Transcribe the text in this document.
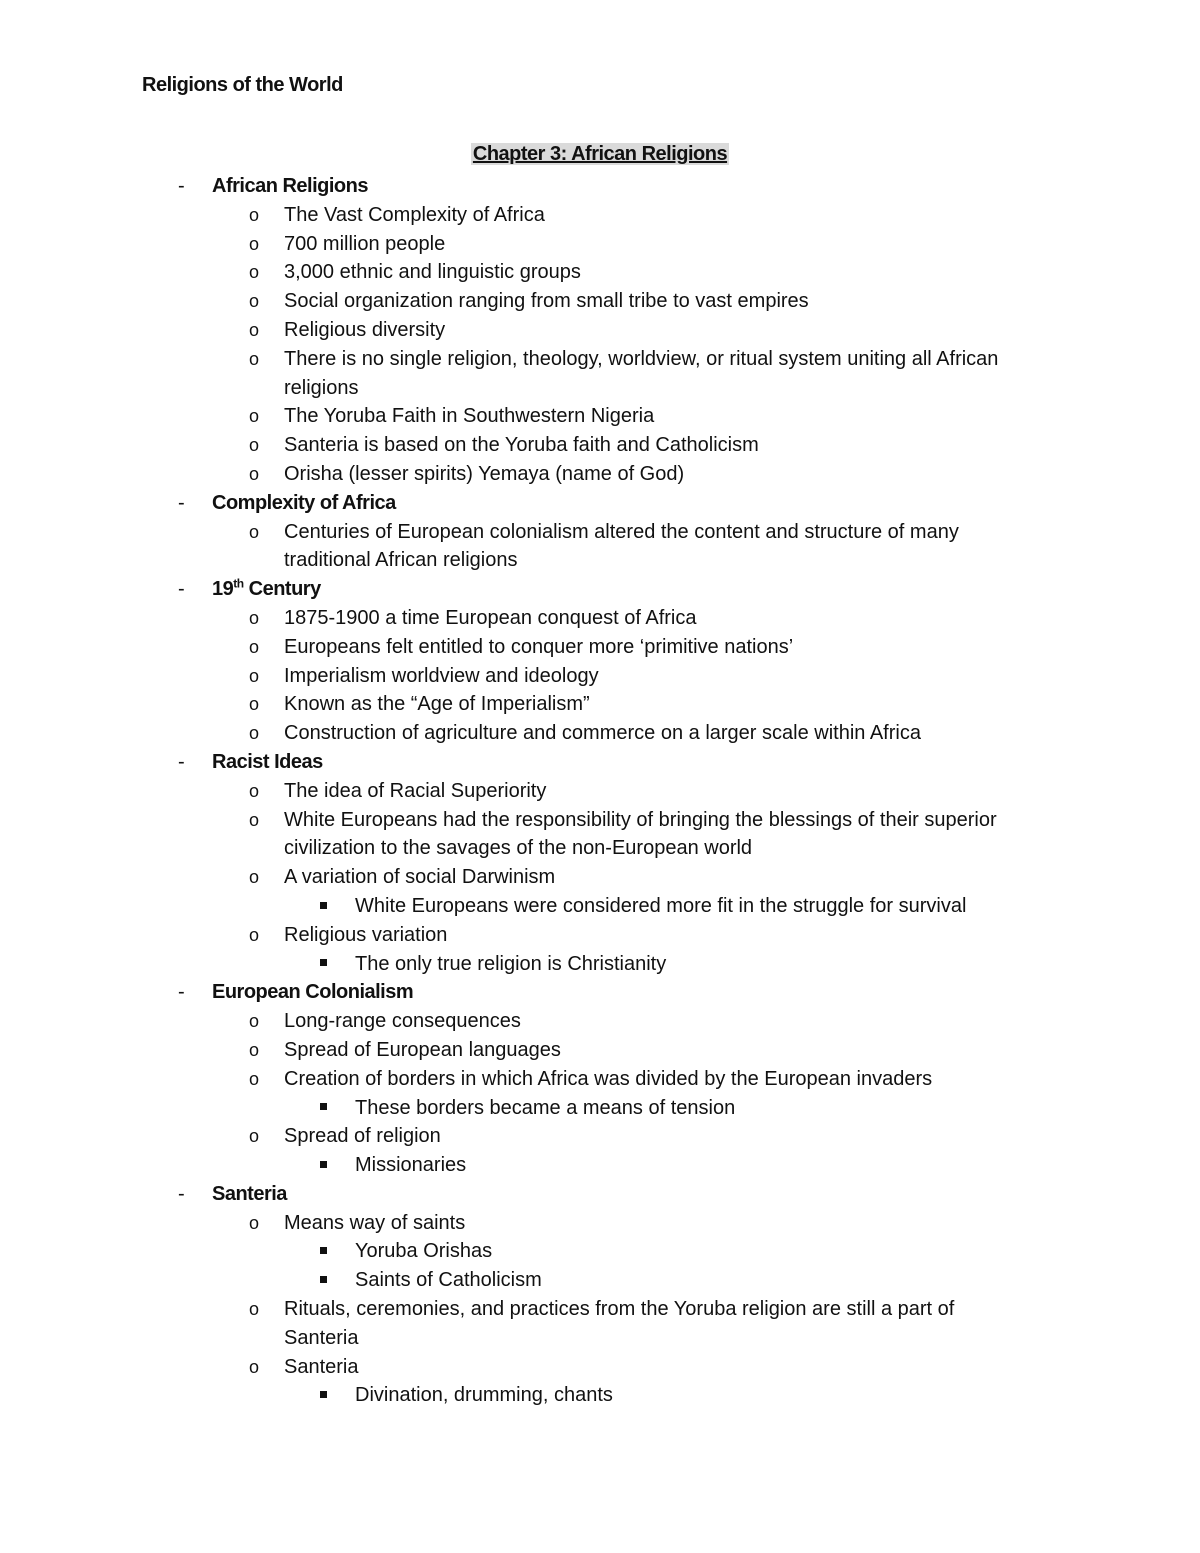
Religions of the World
Chapter 3: African Religions
- African Religions
o The Vast Complexity of Africa
o 700 million people
o 3,000 ethnic and linguistic groups
o Social organization ranging from small tribe to vast empires
o Religious diversity
o There is no single religion, theology, worldview, or ritual system uniting all African
religions
o The Yoruba Faith in Southwestern Nigeria
o Santeria is based on the Yoruba faith and Catholicism
o Orisha (lesser spirits) Yemaya (name of God)
- Complexity of Africa
o Centuries of European colonialism altered the content and structure of many
traditional African religions
- 19th Century
o 1875-1900 a time European conquest of Africa
o Europeans felt entitled to conquer more ‘primitive nations’
o Imperialism worldview and ideology
o Known as the “Age of Imperialism”
o Construction of agriculture and commerce on a larger scale within Africa
- Racist Ideas
o The idea of Racial Superiority
o White Europeans had the responsibility of bringing the blessings of their superior
civilization to the savages of the non-European world
o A variation of social Darwinism
White Europeans were considered more fit in the struggle for survival
o Religious variation
The only true religion is Christianity
- European Colonialism
o Long-range consequences
o Spread of European languages
o Creation of borders in which Africa was divided by the European invaders
These borders became a means of tension
o Spread of religion
Missionaries
- Santeria
o Means way of saints
Yoruba Orishas
Saints of Catholicism
o Rituals, ceremonies, and practices from the Yoruba religion are still a part of
Santeria
o Santeria
Divination, drumming, chants
